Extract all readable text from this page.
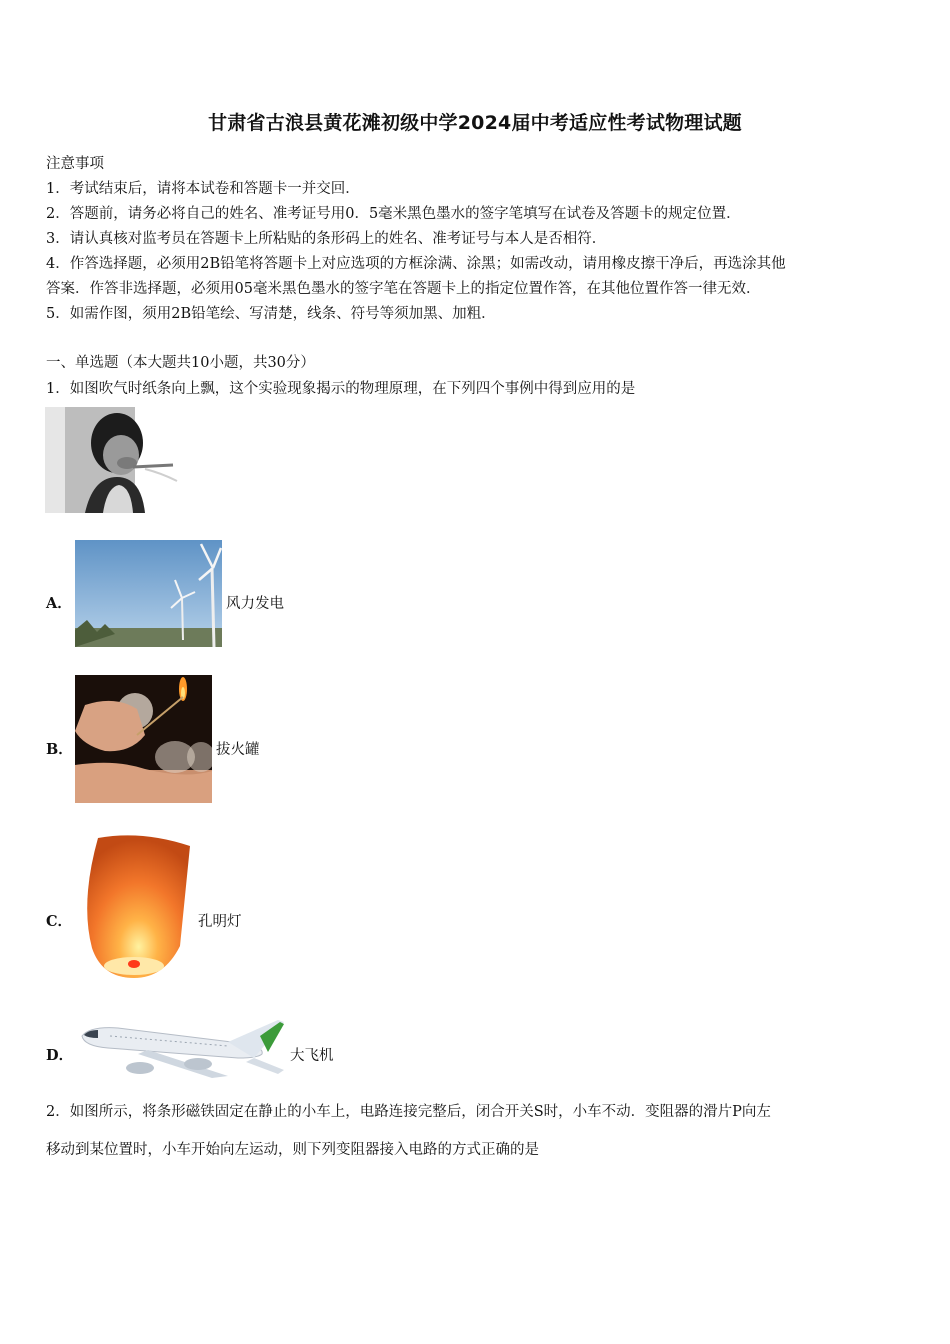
甘肃省古浪县黄花滩初级中学2024届中考适应性考试物理试题
注意事项
1．考试结束后，请将本试卷和答题卡一并交回．
2．答题前，请务必将自己的姓名、准考证号用0．5毫米黑色墨水的签字笔填写在试卷及答题卡的规定位置．
3．请认真核对监考员在答题卡上所粘贴的条形码上的姓名、准考证号与本人是否相符．
4．作答选择题，必须用2B铅笔将答题卡上对应选项的方框涂满、涂黑；如需改动，请用橡皮擦干净后，再选涂其他
答案．作答非选择题，必须用05毫米黑色墨水的签字笔在答题卡上的指定位置作答，在其他位置作答一律无效．
5．如需作图，须用2B铅笔绘、写清楚，线条、符号等须加黑、加粗．
一、单选题（本大题共10小题，共30分）
1．如图吹气时纸条向上飘，这个实验现象揭示的物理原理，在下列四个事例中得到应用的是
A．	风力发电
B．	拔火罐
C．	孔明灯
D．	大飞机
2．如图所示，将条形磁铁固定在静止的小车上，电路连接完整后，闭合开关S时，小车不动．变阻器的滑片P向左
移动到某位置时，小车开始向左运动，则下列变阻器接入电路的方式正确的是
